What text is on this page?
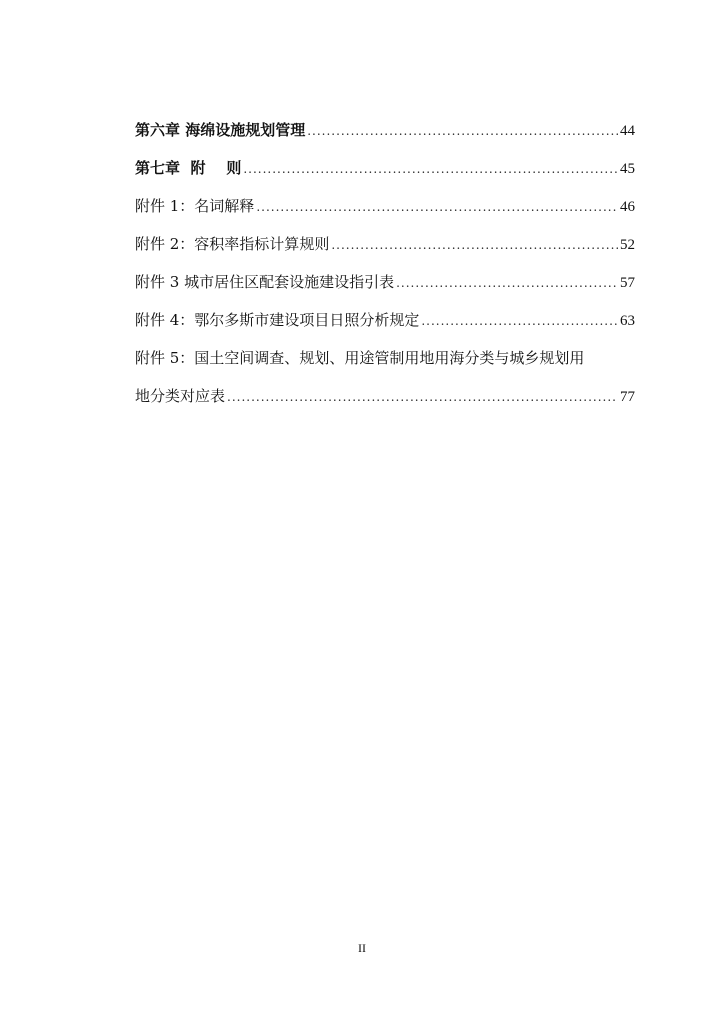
第六章 海绵设施规划管理 .....	44
第七章  附    则 .....	45
附件 1：名词解释 .....	46
附件 2：容积率指标计算规则 .....	52
附件 3 城市居住区配套设施建设指引表 .....	57
附件 4：鄂尔多斯市建设项目日照分析规定 .....	63
附件 5：国土空间调查、规划、用途管制用地用海分类与城乡规划用
地分类对应表 .....	77
II
